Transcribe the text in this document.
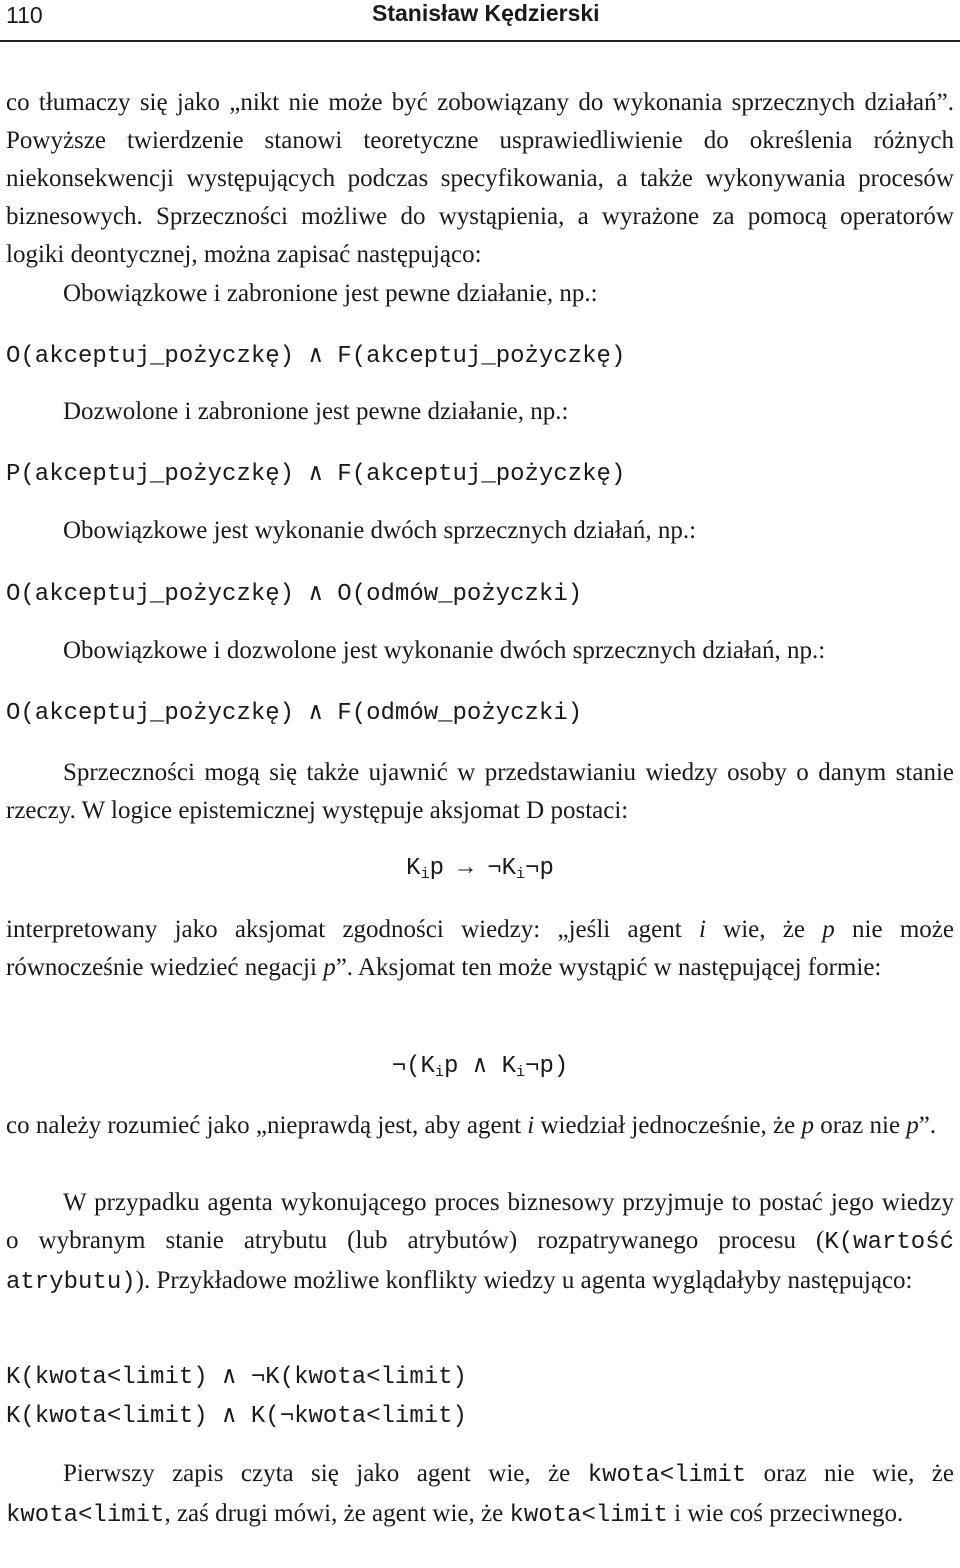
110	Stanisław Kędzierski

co tłumaczy się jako „nikt nie może być zobowiązany do wykonania sprzecznych działań”. Powyższe twierdzenie stanowi teoretyczne usprawiedliwienie do określenia różnych niekonsekwencji występujących podczas specyfikowania, a także wykonywania procesów biznesowych. Sprzeczności możliwe do wystąpienia, a wyrażone za pomocą operatorów logiki deontycznej, można zapisać następująco:

Obowiązkowe i zabronione jest pewne działanie, np.:

O(akceptuj_pożyczkę) ∧ F(akceptuj_pożyczkę)

Dozwolone i zabronione jest pewne działanie, np.:

P(akceptuj_pożyczkę) ∧ F(akceptuj_pożyczkę)

Obowiązkowe jest wykonanie dwóch sprzecznych działań, np.:

O(akceptuj_pożyczkę) ∧ O(odmów_pożyczki)

Obowiązkowe i dozwolone jest wykonanie dwóch sprzecznych działań, np.:

O(akceptuj_pożyczkę) ∧ F(odmów_pożyczki)

Sprzeczności mogą się także ujawnić w przedstawianiu wiedzy osoby o danym stanie rzeczy. W logice epistemicznej występuje aksjomat D postaci:

$K_ip$ → $\neg K_i\neg p$

interpretowany jako aksjomat zgodności wiedzy: „jeśli agent i wie, że p nie może równocześnie wiedzieć negacji p”. Aksjomat ten może wystąpić w następującej formie:

$\neg(K_ip$ ∧ $K_i\neg p$)

co należy rozumieć jako „nieprawdą jest, aby agent i wiedział jednocześnie, że p oraz nie p”.

W przypadku agenta wykonującego proces biznesowy przyjmuje to postać jego wiedzy o wybranym stanie atrybutu (lub atrybutów) rozpatrywanego procesu (K(wartość atrybutu)). Przykładowe możliwe konflikty wiedzy u agenta wyglądałyby następująco:

K(kwota<limit) ∧ ¬K(kwota<limit)

K(kwota<limit) ∧ K(¬kwota<limit)

Pierwszy zapis czyta się jako agent wie, że kwota<limit oraz nie wie, że kwota<limit, zaś drugi mówi, że agent wie, że kwota<limit i wie coś przeciwnego.
